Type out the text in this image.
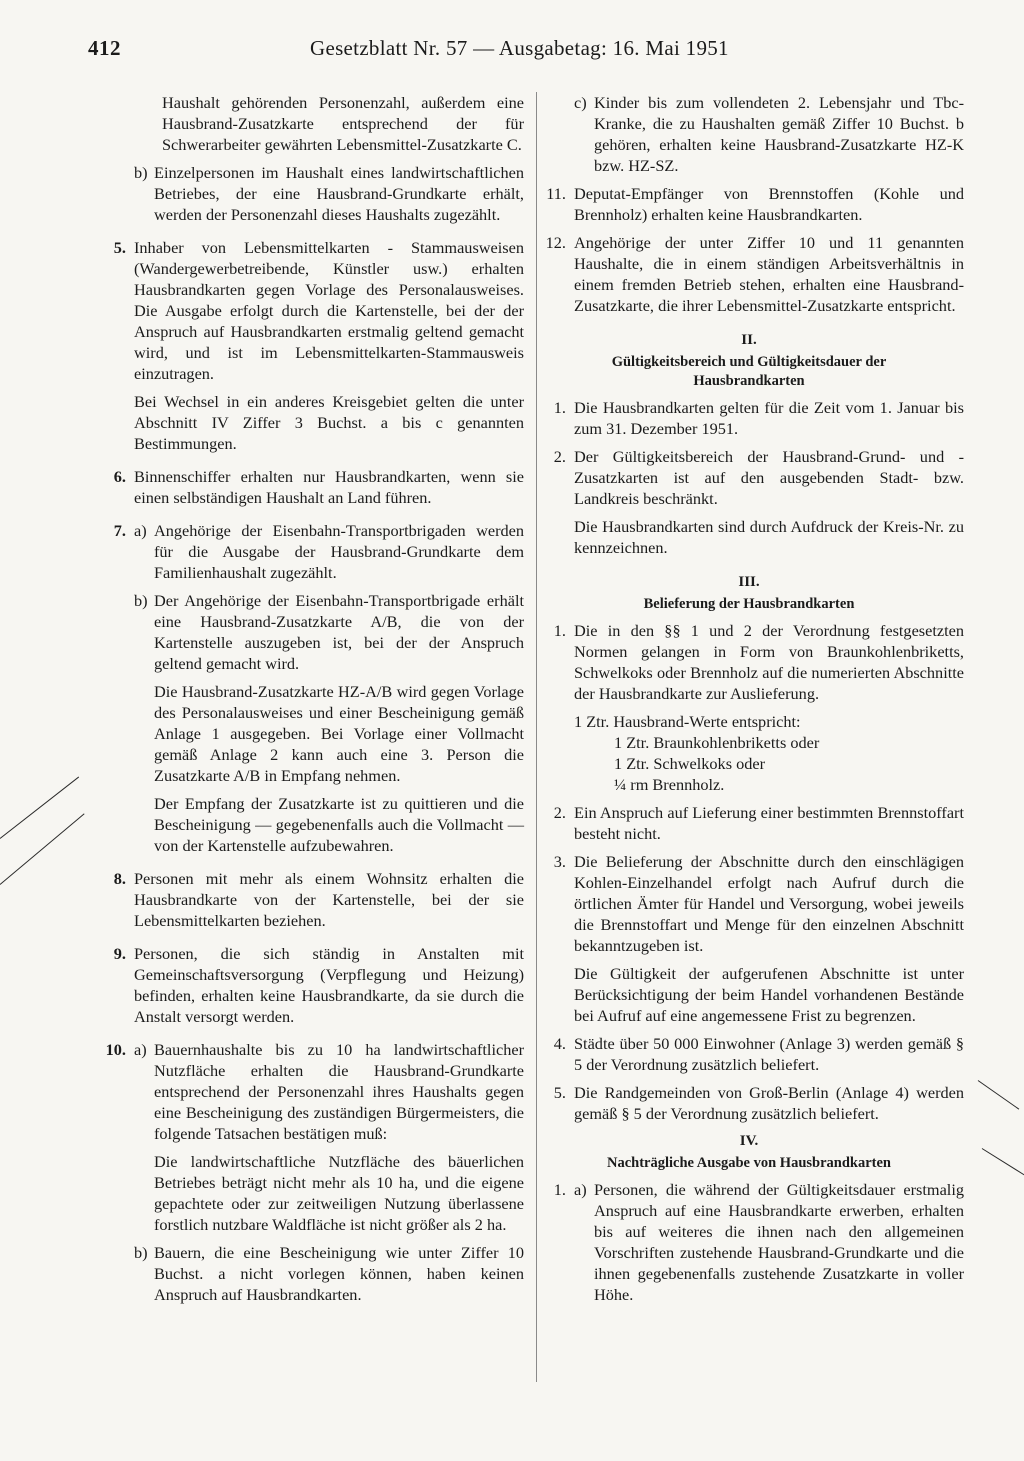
412	Gesetzblatt Nr. 57 — Ausgabetag: 16. Mai 1951

Haushalt gehörenden Personenzahl, außerdem eine Hausbrand-Zusatzkarte entsprechend der für Schwerarbeiter gewährten Lebensmittel-Zusatzkarte C.

b) Einzelpersonen im Haushalt eines landwirtschaftlichen Betriebes, der eine Hausbrand-Grundkarte erhält, werden der Personenzahl dieses Haushalts zugezählt.
5. Inhaber von Lebensmittelkarten - Stammausweisen (Wandergewerbetreibende, Künstler usw.) erhalten Hausbrandkarten gegen Vorlage des Personalausweises. Die Ausgabe erfolgt durch die Kartenstelle, bei der der Anspruch auf Hausbrandkarten erstmalig geltend gemacht wird, und ist im Lebensmittelkarten-Stammausweis einzutragen.

Bei Wechsel in ein anderes Kreisgebiet gelten die unter Abschnitt IV Ziffer 3 Buchst. a bis c genannten Bestimmungen.

6. Binnenschiffer erhalten nur Hausbrandkarten, wenn sie einen selbständigen Haushalt an Land führen.
7. a) Angehörige der Eisenbahn-Transportbrigaden werden für die Ausgabe der Hausbrand-Grundkarte dem Familienhaushalt zugezählt.
b) Der Angehörige der Eisenbahn-Transportbrigade erhält eine Hausbrand-Zusatzkarte A/B, die von der Kartenstelle auszugeben ist, bei der der Anspruch geltend gemacht wird.

Die Hausbrand-Zusatzkarte HZ-A/B wird gegen Vorlage des Personalausweises und einer Bescheinigung gemäß Anlage 1 ausgegeben. Bei Vorlage einer Vollmacht gemäß Anlage 2 kann auch eine 3. Person die Zusatzkarte A/B in Empfang nehmen.

Der Empfang der Zusatzkarte ist zu quittieren und die Bescheinigung — gegebenenfalls auch die Vollmacht — von der Kartenstelle aufzubewahren.

8. Personen mit mehr als einem Wohnsitz erhalten die Hausbrandkarte von der Kartenstelle, bei der sie Lebensmittelkarten beziehen.
9. Personen, die sich ständig in Anstalten mit Gemeinschaftsversorgung (Verpflegung und Heizung) befinden, erhalten keine Hausbrandkarte, da sie durch die Anstalt versorgt werden.
10. a) Bauernhaushalte bis zu 10 ha landwirtschaftlicher Nutzfläche erhalten die Hausbrand-Grundkarte entsprechend der Personenzahl ihres Haushalts gegen eine Bescheinigung des zuständigen Bürgermeisters, die folgende Tatsachen bestätigen muß:

Die landwirtschaftliche Nutzfläche des bäuerlichen Betriebes beträgt nicht mehr als 10 ha, und die eigene gepachtete oder zur zeitweiligen Nutzung überlassene forstlich nutzbare Waldfläche ist nicht größer als 2 ha.

b) Bauern, die eine Bescheinigung wie unter Ziffer 10 Buchst. a nicht vorlegen können, haben keinen Anspruch auf Hausbrandkarten.
c) Kinder bis zum vollendeten 2. Lebensjahr und Tbc-Kranke, die zu Haushalten gemäß Ziffer 10 Buchst. b gehören, erhalten keine Hausbrand-Zusatzkarte HZ-K bzw. HZ-SZ.
11. Deputat-Empfänger von Brennstoffen (Kohle und Brennholz) erhalten keine Hausbrandkarten.
12. Angehörige der unter Ziffer 10 und 11 genannten Haushalte, die in einem ständigen Arbeitsverhältnis in einem fremden Betrieb stehen, erhalten eine Hausbrand-Zusatzkarte, die ihrer Lebensmittel-Zusatzkarte entspricht.
II.
Gültigkeitsbereich und Gültigkeitsdauer der Hausbrandkarten
1. Die Hausbrandkarten gelten für die Zeit vom 1. Januar bis zum 31. Dezember 1951.
2. Der Gültigkeitsbereich der Hausbrand-Grund- und -Zusatzkarten ist auf den ausgebenden Stadt- bzw. Landkreis beschränkt.

Die Hausbrandkarten sind durch Aufdruck der Kreis-Nr. zu kennzeichnen.

III.
Belieferung der Hausbrandkarten
1. Die in den §§ 1 und 2 der Verordnung festgesetzten Normen gelangen in Form von Braunkohlenbriketts, Schwelkoks oder Brennholz auf die numerierten Abschnitte der Hausbrandkarte zur Auslieferung.

1 Ztr. Hausbrand-Werte entspricht:

1 Ztr. Braunkohlenbriketts oder
1 Ztr. Schwelkoks oder
¼ rm Brennholz.
2. Ein Anspruch auf Lieferung einer bestimmten Brennstoffart besteht nicht.
3. Die Belieferung der Abschnitte durch den einschlägigen Kohlen-Einzelhandel erfolgt nach Aufruf durch die örtlichen Ämter für Handel und Versorgung, wobei jeweils die Brennstoffart und Menge für den einzelnen Abschnitt bekanntzugeben ist.

Die Gültigkeit der aufgerufenen Abschnitte ist unter Berücksichtigung der beim Handel vorhandenen Bestände bei Aufruf auf eine angemessene Frist zu begrenzen.

4. Städte über 50 000 Einwohner (Anlage 3) werden gemäß § 5 der Verordnung zusätzlich beliefert.
5. Die Randgemeinden von Groß-Berlin (Anlage 4) werden gemäß § 5 der Verordnung zusätzlich beliefert.
IV.
Nachträgliche Ausgabe von Hausbrandkarten
1. a) Personen, die während der Gültigkeitsdauer erstmalig Anspruch auf eine Hausbrandkarte erwerben, erhalten bis auf weiteres die ihnen nach den allgemeinen Vorschriften zustehende Hausbrand-Grundkarte und die ihnen gegebenenfalls zustehende Zusatzkarte in voller Höhe.
